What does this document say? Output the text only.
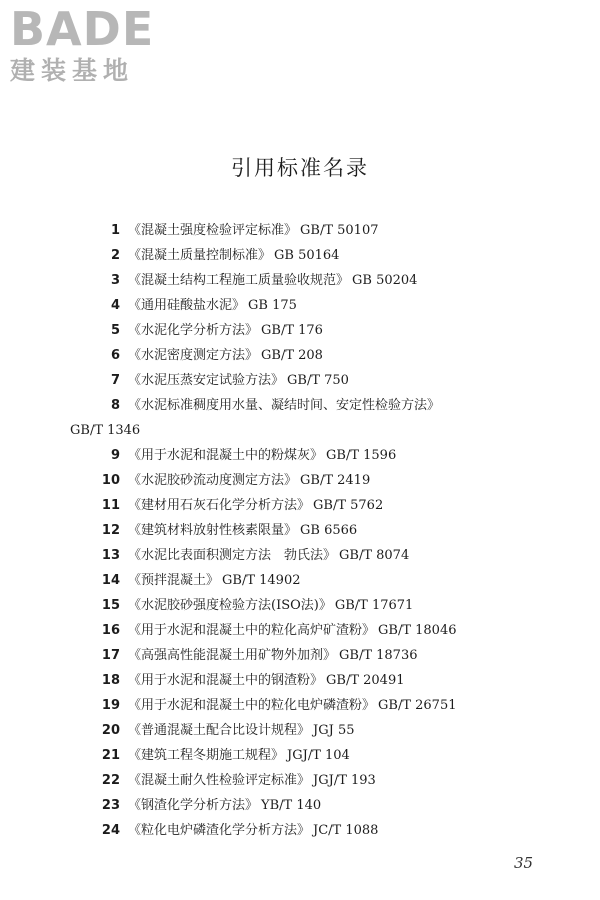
BADE
建装基地
引用标准名录
1 《混凝土强度检验评定标准》 GB/T 50107
2 《混凝土质量控制标准》 GB 50164
3 《混凝土结构工程施工质量验收规范》 GB 50204
4 《通用硅酸盐水泥》 GB 175
5 《水泥化学分析方法》 GB/T 176
6 《水泥密度测定方法》 GB/T 208
7 《水泥压蒸安定试验方法》 GB/T 750
8 《水泥标准稠度用水量、凝结时间、安定性检验方法》
GB/T 1346
9 《用于水泥和混凝土中的粉煤灰》 GB/T 1596
10 《水泥胶砂流动度测定方法》 GB/T 2419
11 《建材用石灰石化学分析方法》 GB/T 5762
12 《建筑材料放射性核素限量》 GB 6566
13 《水泥比表面积测定方法　勃氏法》 GB/T 8074
14 《预拌混凝土》 GB/T 14902
15 《水泥胶砂强度检验方法(ISO法)》 GB/T 17671
16 《用于水泥和混凝土中的粒化高炉矿渣粉》 GB/T 18046
17 《高强高性能混凝土用矿物外加剂》 GB/T 18736
18 《用于水泥和混凝土中的钢渣粉》 GB/T 20491
19 《用于水泥和混凝土中的粒化电炉磷渣粉》 GB/T 26751
20 《普通混凝土配合比设计规程》 JGJ 55
21 《建筑工程冬期施工规程》 JGJ/T 104
22 《混凝土耐久性检验评定标准》 JGJ/T 193
23 《钢渣化学分析方法》 YB/T 140
24 《粒化电炉磷渣化学分析方法》 JC/T 1088
35
